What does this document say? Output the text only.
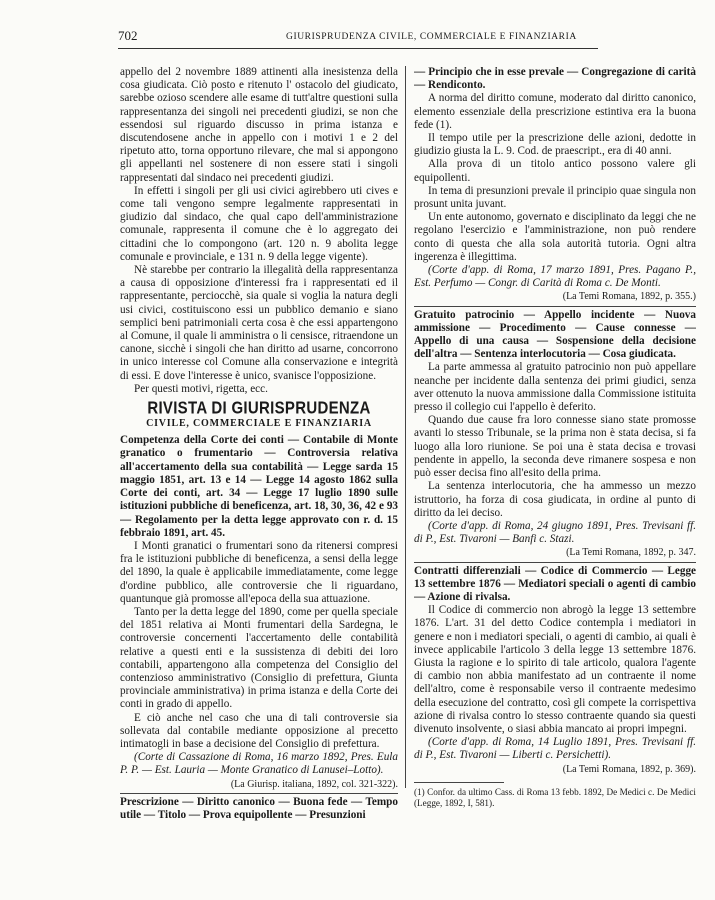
702	GIURISPRUDENZA CIVILE, COMMERCIALE E FINANZIARIA

appello del 2 novembre 1889 attinenti alla inesistenza della cosa giudicata. Ciò posto e ritenuto l' ostacolo del giudicato, sarebbe ozioso scendere alle esame di tutt'altre questioni sulla rappresentanza dei singoli nei precedenti giudizi, se non che essendosi sul riguardo discusso in prima istanza e discutendosene anche in appello con i motivi 1 e 2 del ripetuto atto, torna opportuno rilevare, che mal si appongono gli appellanti nel sostenere di non essere stati i singoli rappresentati dal sindaco nei precedenti giudizi.

In effetti i singoli per gli usi civici agirebbero uti cives e come tali vengono sempre legalmente rappresentati in giudizio dal sindaco, che qual capo dell'amministrazione comunale, rappresenta il comune che è lo aggregato dei cittadini che lo compongono (art. 120 n. 9 abolita legge comunale e provinciale, e 131 n. 9 della legge vigente).

Nè starebbe per contrario la illegalità della rappresentanza a causa di opposizione d'interessi fra i rappresentati ed il rappresentante, perciocchè, sia quale si voglia la natura degli usi civici, costituiscono essi un pubblico demanio e siano semplici beni patrimoniali certa cosa è che essi appartengono al Comune, il quale li amministra o li censisce, ritraendone un canone, sicchè i singoli che han diritto ad usarne, concorrono in unico interesse col Comune alla conservazione e integrità di essi. E dove l'interesse è unico, svanisce l'opposizione.

Per questi motivi, rigetta, ecc.

RIVISTA DI GIURISPRUDENZA
CIVILE, COMMERCIALE E FINANZIARIA

Competenza della Corte dei conti — Contabile di Monte granatico o frumentario — Controversia relativa all'accertamento della sua contabilità — Legge sarda 15 maggio 1851, art. 13 e 14 — Legge 14 agosto 1862 sulla Corte dei conti, art. 34 — Legge 17 luglio 1890 sulle istituzioni pubbliche di beneficenza, art. 18, 30, 36, 42 e 93 — Regolamento per la detta legge approvato con r. d. 15 febbraio 1891, art. 45.

I Monti granatici o frumentari sono da ritenersi compresi fra le istituzioni pubbliche di beneficenza, a sensi della legge del 1890, la quale è applicabile immediatamente, come legge d'ordine pubblico, alle controversie che li riguardano, quantunque già promosse all'epoca della sua attuazione.

Tanto per la detta legge del 1890, come per quella speciale del 1851 relativa ai Monti frumentari della Sardegna, le controversie concernenti l'accertamento delle contabilità relative a questi enti e la sussistenza di debiti dei loro contabili, appartengono alla competenza del Consiglio del contenzioso amministrativo (Consiglio di prefettura, Giunta provinciale amministrativa) in prima istanza e della Corte dei conti in grado di appello.

E ciò anche nel caso che una di tali controversie sia sollevata dal contabile mediante opposizione al precetto intimatogli in base a decisione del Consiglio di prefettura.

(Corte di Cassazione di Roma, 16 marzo 1892, Pres. Eula P. P. — Est. Lauria — Monte Granatico di Lanusei–Lotto).

(La Giurisp. italiana, 1892, col. 321-322).

Prescrizione — Diritto canonico — Buona fede — Tempo utile — Titolo — Prova equipollente — Presunzioni

— Principio che in esse prevale — Congregazione di carità — Rendiconto.

A norma del diritto comune, moderato dal diritto canonico, elemento essenziale della prescrizione estintiva era la buona fede (1).

Il tempo utile per la prescrizione delle azioni, dedotte in giudizio giusta la L. 9. Cod. de praescript., era di 40 anni.

Alla prova di un titolo antico possono valere gli equipollenti.

In tema di presunzioni prevale il principio quae singula non prosunt unita juvant.

Un ente autonomo, governato e disciplinato da leggi che ne regolano l'esercizio e l'amministrazione, non può rendere conto di questa che alla sola autorità tutoria. Ogni altra ingerenza è illegittima.

(Corte d'app. di Roma, 17 marzo 1891, Pres. Pagano P., Est. Perfumo — Congr. di Carità di Roma c. De Monti.

(La Temi Romana, 1892, p. 355.)

Gratuito patrocinio — Appello incidente — Nuova ammissione — Procedimento — Cause connesse — Appello di una causa — Sospensione della decisione dell'altra — Sentenza interlocutoria — Cosa giudicata.

La parte ammessa al gratuito patrocinio non può appellare neanche per incidente dalla sentenza dei primi giudici, senza aver ottenuto la nuova ammissione dalla Commissione istituita presso il collegio cui l'appello è deferito.

Quando due cause fra loro connesse siano state promosse avanti lo stesso Tribunale, se la prima non è stata decisa, si fa luogo alla loro riunione. Se poi una è stata decisa e trovasi pendente in appello, la seconda deve rimanere sospesa e non può esser decisa fino all'esito della prima.

La sentenza interlocutoria, che ha ammesso un mezzo istruttorio, ha forza di cosa giudicata, in ordine al punto di diritto da lei deciso.

(Corte d'app. di Roma, 24 giugno 1891, Pres. Trevisani ff. di P., Est. Tivaroni — Banfi c. Stazi.

(La Temi Romana, 1892, p. 347.

Contratti differenziali — Codice di Commercio — Legge 13 settembre 1876 — Mediatori speciali o agenti di cambio — Azione di rivalsa.

Il Codice di commercio non abrogò la legge 13 settembre 1876. L'art. 31 del detto Codice contempla i mediatori in genere e non i mediatori speciali, o agenti di cambio, ai quali è invece applicabile l'articolo 3 della legge 13 settembre 1876. Giusta la ragione e lo spirito di tale articolo, qualora l'agente di cambio non abbia manifestato ad un contraente il nome dell'altro, come è responsabile verso il contraente medesimo della esecuzione del contratto, così gli compete la corrispettiva azione di rivalsa contro lo stesso contraente quando sia questi divenuto insolvente, o siasi abbia mancato ai propri impegni.

(Corte d'app. di Roma, 14 Luglio 1891, Pres. Trevisani ff. di P., Est. Tivaroni — Liberti c. Persichetti).

(La Temi Romana, 1892, p. 369).

(1) Confor. da ultimo Cass. di Roma 13 febb. 1892, De Medici c. De Medici (Legge, 1892, I, 581).
